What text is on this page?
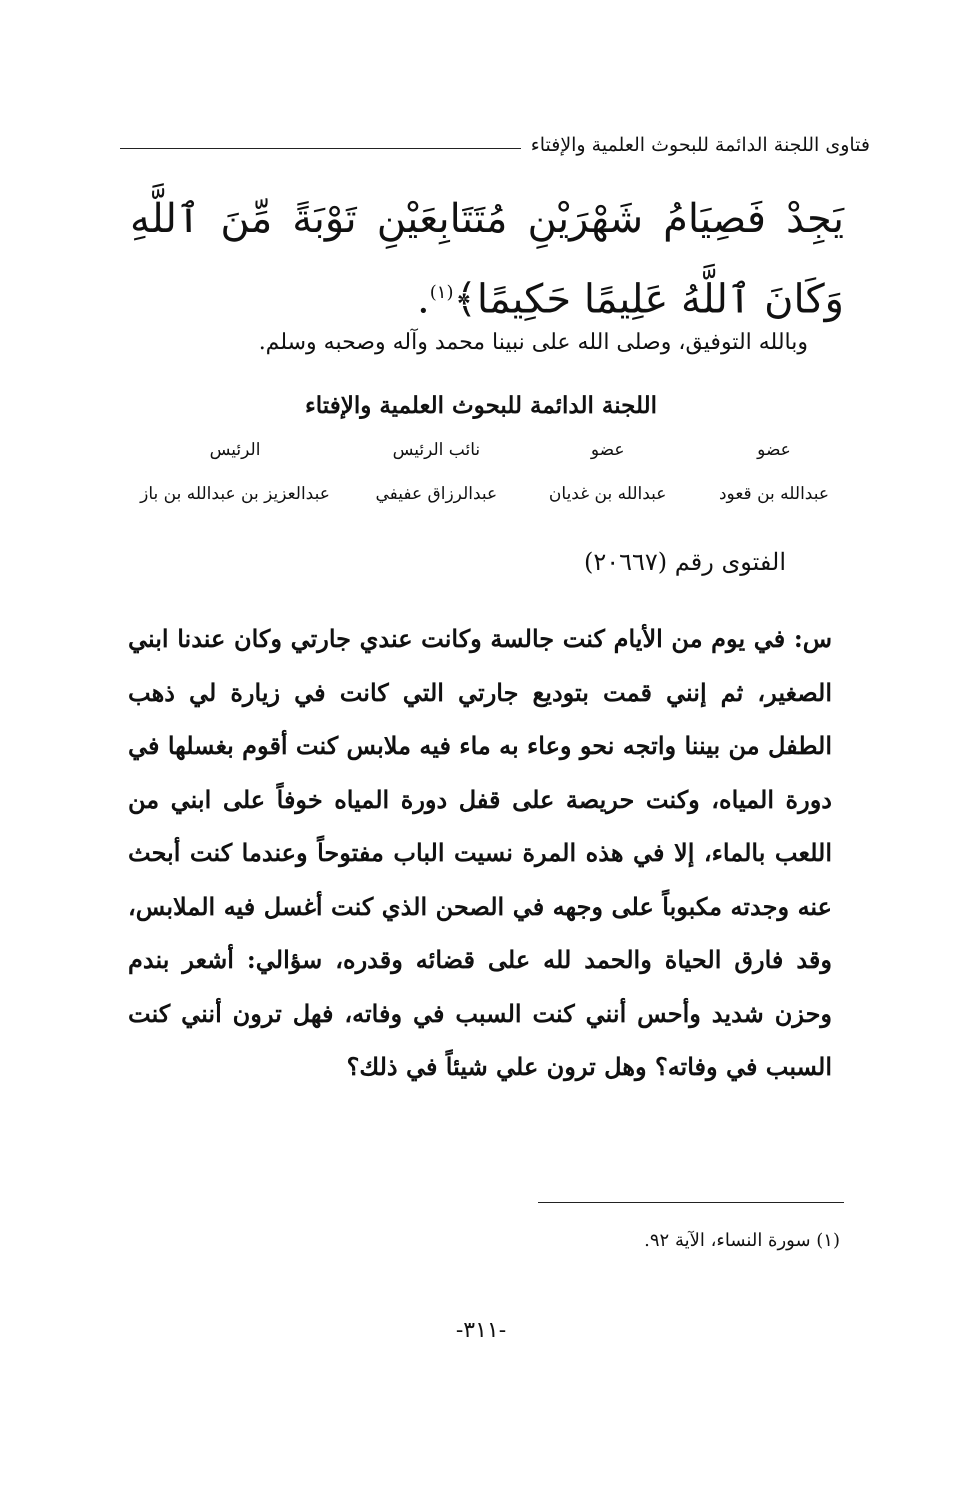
فتاوى اللجنة الدائمة للبحوث العلمية والإفتاء
يَجِدْ فَصِيَامُ شَهْرَيْنِ مُتَتَابِعَيْنِ تَوْبَةً مِّنَ ٱللَّهِ وَكَانَ ٱللَّهُ عَلِيمًا حَكِيمًا﴾$^{(١)}$.
وبالله التوفيق، وصلى الله على نبينا محمد وآله وصحبه وسلم.
اللجنة الدائمة للبحوث العلمية والإفتاء
عضو
عضو
نائب الرئيس
الرئيس
عبدالله بن قعود
عبدالله بن غديان
عبدالرزاق عفيفي
عبدالعزيز بن عبدالله بن باز
الفتوى رقم (٢٠٦٦٧)
س: في يوم من الأيام كنت جالسة وكانت عندي جارتي وكان عندنا ابني الصغير، ثم إنني قمت بتوديع جارتي التي كانت في زيارة لي ذهب الطفل من بيننا واتجه نحو وعاء به ماء فيه ملابس كنت أقوم بغسلها في دورة المياه، وكنت حريصة على قفل دورة المياه خوفاً على ابني من اللعب بالماء، إلا في هذه المرة نسيت الباب مفتوحاً وعندما كنت أبحث عنه وجدته مكبوباً على وجهه في الصحن الذي كنت أغسل فيه الملابس، وقد فارق الحياة والحمد لله على قضائه وقدره، سؤالي: أشعر بندم وحزن شديد وأحس أنني كنت السبب في وفاته، فهل ترون أنني كنت السبب في وفاته؟ وهل ترون علي شيئاً في ذلك؟
(١) سورة النساء، الآية ٩٢.
-٣١١-
